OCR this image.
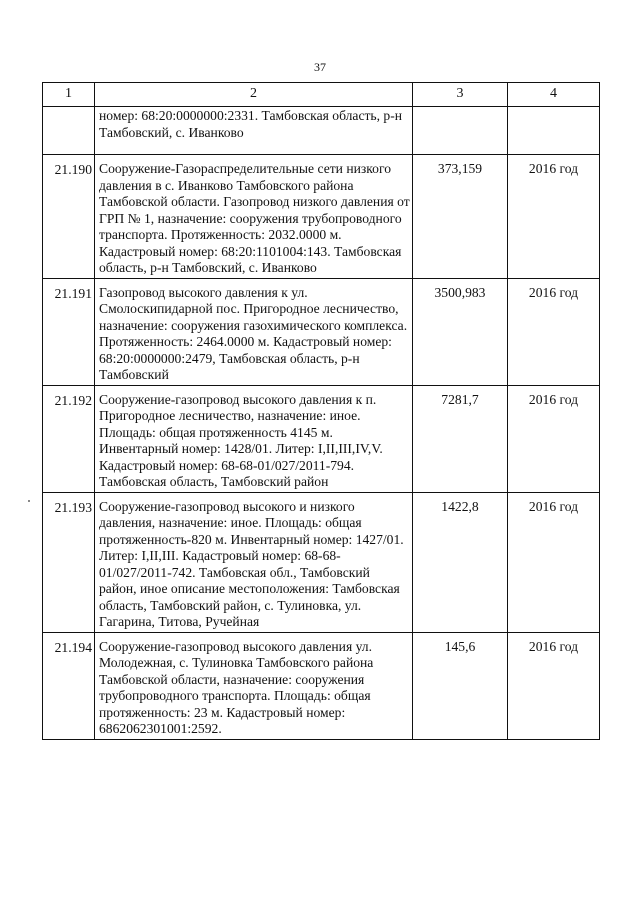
37
1	2	3	4
	номер: 68:20:0000000:2331. Тамбовская область, р-н Тамбовский, с. Иванково		
21.190	Сооружение-Газораспределительные сети низкого давления в с. Иванково Тамбовского района Тамбовской области. Газопровод низкого давления от ГРП № 1, назначение: сооружения трубопроводного транспорта. Протяженность: 2032.0000 м. Кадастровый номер: 68:20:1101004:143. Тамбовская область, р-н Тамбовский, с. Иванково	373,159	2016 год
21.191	Газопровод высокого давления к ул. Смолоскипидарной пос. Пригородное лесничество, назначение: сооружения газохимического комплекса. Протяженность: 2464.0000 м. Кадастровый номер: 68:20:0000000:2479, Тамбовская область, р-н Тамбовский	3500,983	2016 год
21.192	Сооружение-газопровод высокого давления к п. Пригородное лесничество, назначение: иное. Площадь: общая протяженность 4145 м. Инвентарный номер: 1428/01. Литер: I,II,III,IV,V. Кадастровый номер: 68-68-01/027/2011-794. Тамбовская область, Тамбовский район	7281,7	2016 год
21.193	Сооружение-газопровод высокого и низкого давления, назначение: иное. Площадь: общая протяженность-820 м. Инвентарный номер: 1427/01. Литер: I,II,III. Кадастровый номер: 68-68-01/027/2011-742. Тамбовская обл., Тамбовский район, иное описание местоположения: Тамбовская область, Тамбовский район, с. Тулиновка, ул. Гагарина, Титова, Ручейная	1422,8	2016 год
21.194	Сооружение-газопровод высокого давления ул. Молодежная, с. Тулиновка Тамбовского района Тамбовской области, назначение: сооружения трубопроводного транспорта. Площадь: общая протяженность: 23 м. Кадастровый номер: 6862062301001:2592.	145,6	2016 год
